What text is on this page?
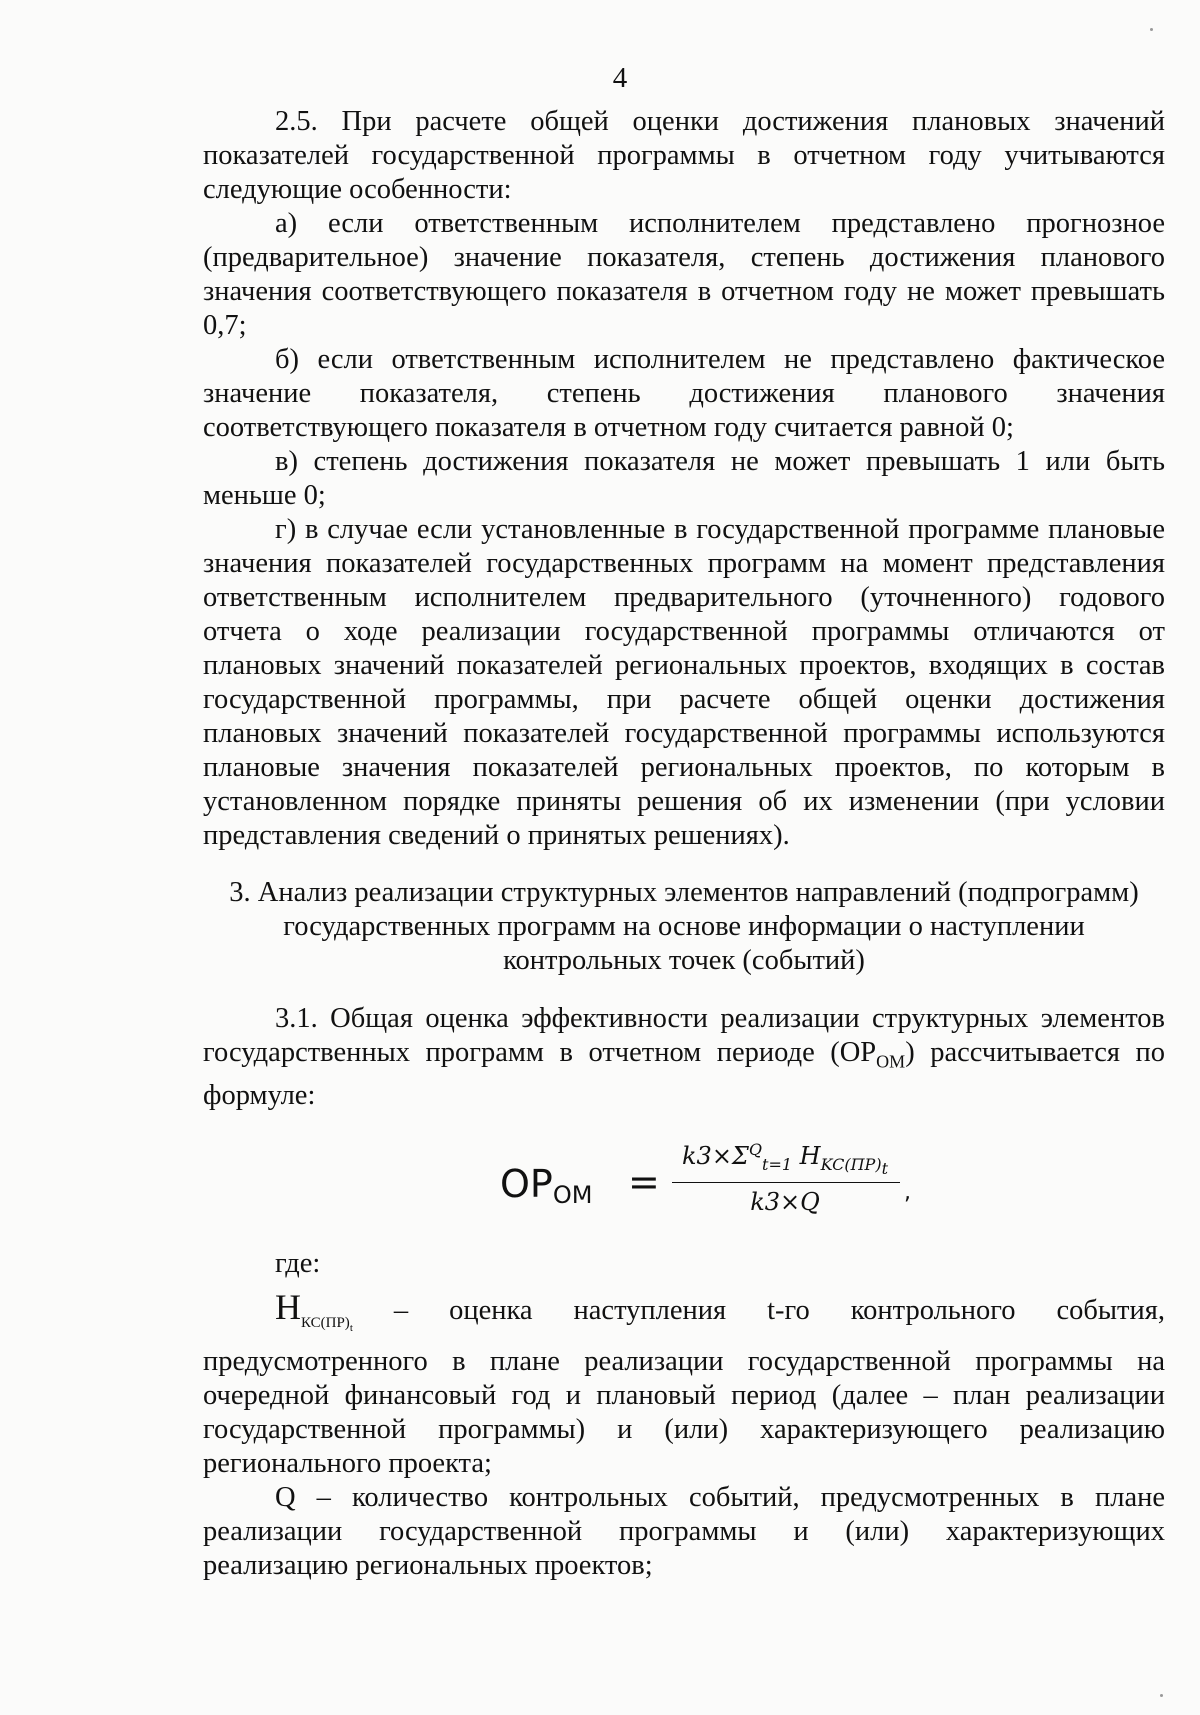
4

2.5. При расчете общей оценки достижения плановых значений показателей государственной программы в отчетном году учитываются следующие особенности:

а) если ответственным исполнителем представлено прогнозное (предварительное) значение показателя, степень достижения планового значения соответствующего показателя в отчетном году не может превышать 0,7;

б) если ответственным исполнителем не представлено фактическое значение показателя, степень достижения планового значения соответствующего показателя в отчетном году считается равной 0;

в) степень достижения показателя не может превышать 1 или быть меньше 0;

г) в случае если установленные в государственной программе плановые значения показателей государственных программ на момент представления ответственным исполнителем предварительного (уточненного) годового отчета о ходе реализации государственной программы отличаются от плановых значений показателей региональных проектов, входящих в состав государственной программы, при расчете общей оценки достижения плановых значений показателей государственной программы используются плановые значения показателей региональных проектов, по которым в установленном порядке приняты решения об их изменении (при условии представления сведений о принятых решениях).

3. Анализ реализации структурных элементов направлений (подпрограмм)
государственных программ на основе информации о наступлении
контрольных точек (событий)

3.1. Общая оценка эффективности реализации структурных элементов государственных программ в отчетном периоде $(OP_{OM})$ рассчитывается по формуле:

$OP_{OM}$ =
$k3\times\Sigma^Q_{t=1}$ $H_{KC(ПР)_t}$
k3×Q	,
где:

$Н_{КС(ПР)_t}$ – оценка наступления t-го контрольного события, предусмотренного в плане реализации государственной программы на очередной финансовый год и плановый период (далее – план реализации государственной программы) и (или) характеризующего реализацию регионального проекта;

Q – количество контрольных событий, предусмотренных в плане реализации государственной программы и (или) характеризующих реализацию региональных проектов;
